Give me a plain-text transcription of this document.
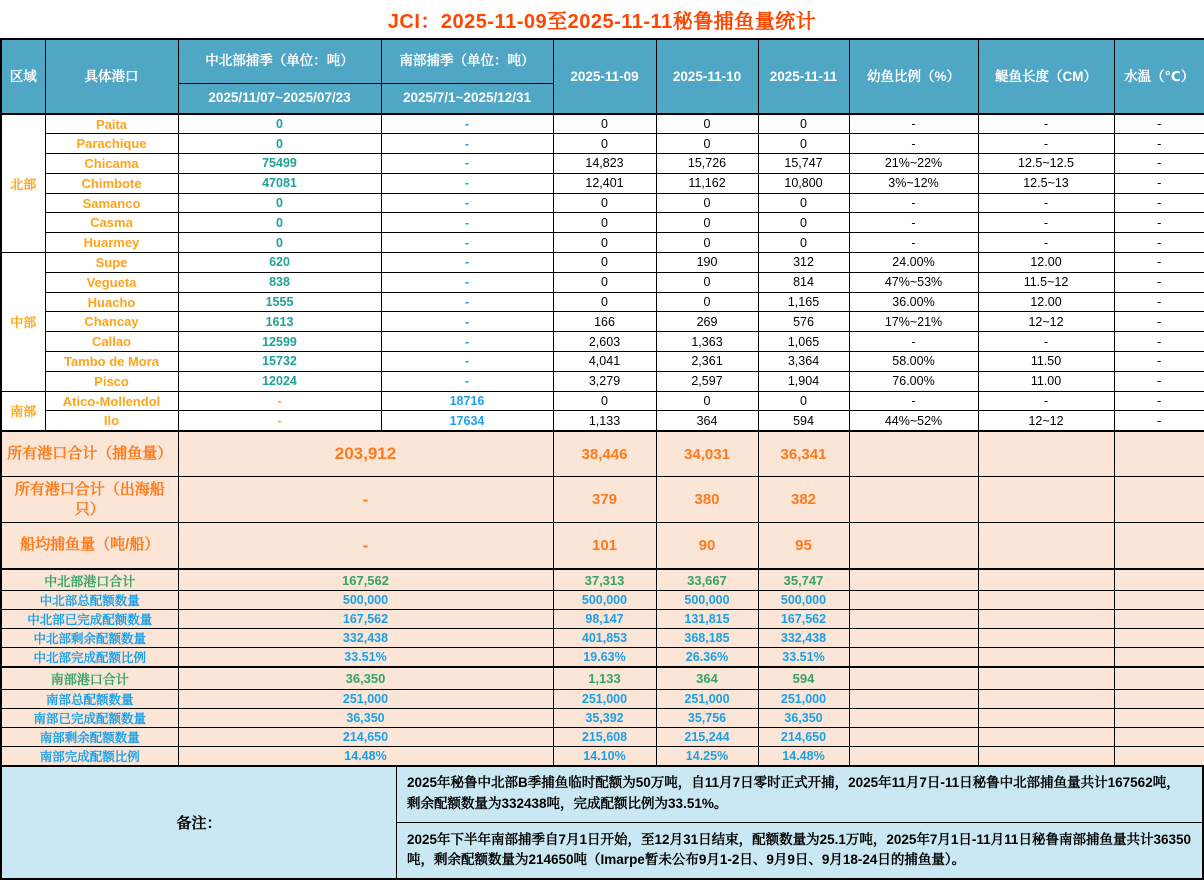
JCI：2025-11-09至2025-11-11秘鲁捕鱼量统计
区域	具体港口	中北部捕季（单位：吨）	南部捕季（单位：吨）	2025-11-09	2025-11-10	2025-11-11	幼鱼比例（%）	鳀鱼长度（CM）	水温（℃）
		2025/11/07~2025/07/23	2025/7/1~2025/12/31						
北部	Paita	0	-	0	0	0	-	-	-
	Parachique	0	-	0	0	0	-	-	-
	Chicama	75499	-	14,823	15,726	15,747	21%~22%	12.5~12.5	-
	Chimbote	47081	-	12,401	11,162	10,800	3%~12%	12.5~13	-
	Samanco	0	-	0	0	0	-	-	-
	Casma	0	-	0	0	0	-	-	-
	Huarmey	0	-	0	0	0	-	-	-
中部	Supe	620	-	0	190	312	24.00%	12.00	-
	Vegueta	838	-	0	0	814	47%~53%	11.5~12	-
	Huacho	1555	-	0	0	1,165	36.00%	12.00	-
	Chancay	1613	-	166	269	576	17%~21%	12~12	-
	Callao	12599	-	2,603	1,363	1,065	-	-	-
	Tambo de Mora	15732	-	4,041	2,361	3,364	58.00%	11.50	-
	Pisco	12024	-	3,279	2,597	1,904	76.00%	11.00	-
南部	Atico-Mollendol	-	18716	0	0	0	-	-	-
	Ilo	-	17634	1,133	364	594	44%~52%	12~12	-
所有港口合计（捕鱼量）		203,912		38,446	34,031	36,341			
所有港口合计（出海船只）		-		379	380	382			
船均捕鱼量（吨/船）		-		101	90	95			
中北部港口合计		167,562		37,313	33,667	35,747			
中北部总配额数量		500,000		500,000	500,000	500,000			
中北部已完成配额数量		167,562		98,147	131,815	167,562			
中北部剩余配额数量		332,438		401,853	368,185	332,438			
中北部完成配额比例		33.51%		19.63%	26.36%	33.51%			
南部港口合计		36,350		1,133	364	594			
南部总配额数量		251,000		251,000	251,000	251,000			
南部已完成配额数量		36,350		35,392	35,756	36,350			
南部剩余配额数量		214,650		215,608	215,244	214,650			
南部完成配额比例		14.48%		14.10%	14.25%	14.48%			
备注：
2025年秘鲁中北部B季捕鱼临时配额为50万吨，自11月7日零时正式开捕，2025年11月7日-11日秘鲁中北部捕鱼量共计167562吨，剩余配额数量为332438吨，完成配额比例为33.51%。
2025年下半年南部捕季自7月1日开始，至12月31日结束，配额数量为25.1万吨，2025年7月1日-11月11日秘鲁南部捕鱼量共计36350吨，剩余配额数量为214650吨（Imarpe暂未公布9月1-2日、9月9日、9月18-24日的捕鱼量）。
